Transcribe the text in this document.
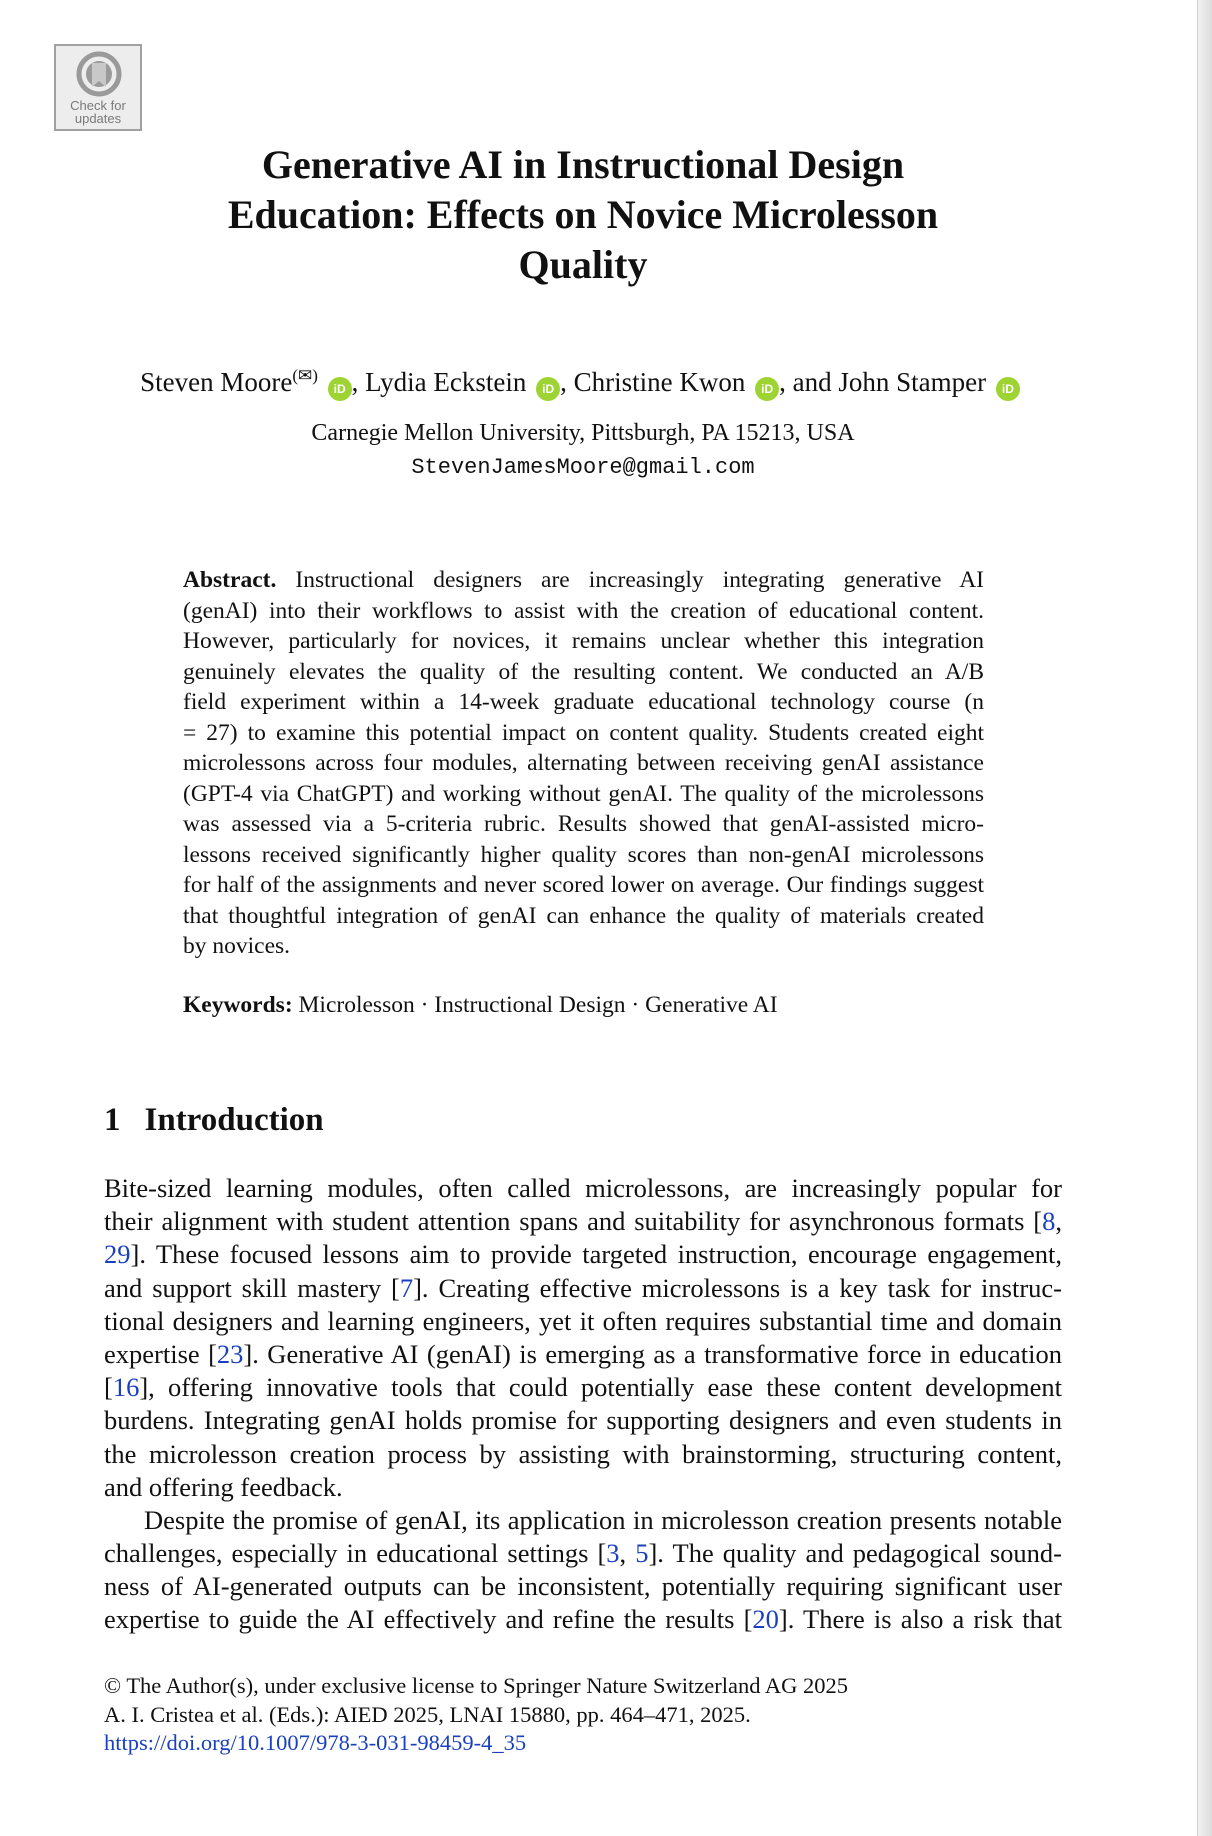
Check for
updates
Generative AI in Instructional Design
Education: Effects on Novice Microlesson
Quality
Steven Moore(✉) iD , Lydia Eckstein iD , Christine Kwon iD , and John Stamper iD
Carnegie Mellon University, Pittsburgh, PA 15213, USA
StevenJamesMoore@gmail.com
Abstract. Instructional designers are increasingly integrating generative AI
(genAI) into their workflows to assist with the creation of educational content.
However, particularly for novices, it remains unclear whether this integration
genuinely elevates the quality of the resulting content. We conducted an A/B
field experiment within a 14-week graduate educational technology course (n
= 27) to examine this potential impact on content quality. Students created eight
microlessons across four modules, alternating between receiving genAI assistance
(GPT-4 via ChatGPT) and working without genAI. The quality of the microlessons
was assessed via a 5-criteria rubric. Results showed that genAI-assisted micro-
lessons received significantly higher quality scores than non-genAI microlessons
for half of the assignments and never scored lower on average. Our findings suggest
that thoughtful integration of genAI can enhance the quality of materials created
by novices.
Keywords: Microlesson · Instructional Design · Generative AI
1 Introduction
Bite-sized learning modules, often called microlessons, are increasingly popular for
their alignment with student attention spans and suitability for asynchronous formats [8,
29]. These focused lessons aim to provide targeted instruction, encourage engagement,
and support skill mastery [7]. Creating effective microlessons is a key task for instruc-
tional designers and learning engineers, yet it often requires substantial time and domain
expertise [23]. Generative AI (genAI) is emerging as a transformative force in education
[16], offering innovative tools that could potentially ease these content development
burdens. Integrating genAI holds promise for supporting designers and even students in
the microlesson creation process by assisting with brainstorming, structuring content,
and offering feedback.
Despite the promise of genAI, its application in microlesson creation presents notable
challenges, especially in educational settings [3, 5]. The quality and pedagogical sound-
ness of AI-generated outputs can be inconsistent, potentially requiring significant user
expertise to guide the AI effectively and refine the results [20]. There is also a risk that
© The Author(s), under exclusive license to Springer Nature Switzerland AG 2025
A. I. Cristea et al. (Eds.): AIED 2025, LNAI 15880, pp. 464–471, 2025.
https://doi.org/10.1007/978-3-031-98459-4_35
